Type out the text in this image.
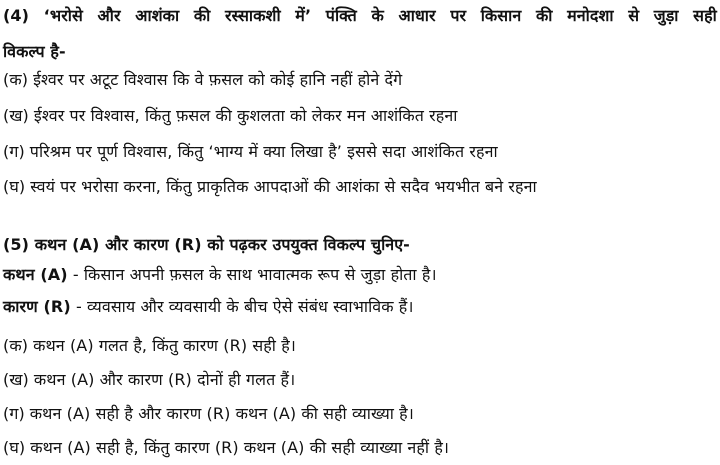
(4) ‘भरोसे और आशंका की रस्साकशी में’ पंक्ति के आधार पर किसान की मनोदशा से जुड़ा सही
विकल्प है-
(क) ईश्वर पर अटूट विश्वास कि वे फ़सल को कोई हानि नहीं होने देंगे
(ख) ईश्वर पर विश्वास, किंतु फ़सल की कुशलता को लेकर मन आशंकित रहना
(ग) परिश्रम पर पूर्ण विश्वास, किंतु ‘भाग्य में क्या लिखा है’ इससे सदा आशंकित रहना
(घ) स्वयं पर भरोसा करना, किंतु प्राकृतिक आपदाओं की आशंका से सदैव भयभीत बने रहना
(5) कथन (A) और कारण (R) को पढ़कर उपयुक्त विकल्प चुनिए-
कथन (A) - किसान अपनी फ़सल के साथ भावात्मक रूप से जुड़ा होता है।
कारण (R) - व्यवसाय और व्यवसायी के बीच ऐसे संबंध स्वाभाविक हैं।
(क) कथन (A) गलत है, किंतु कारण (R) सही है।
(ख) कथन (A) और कारण (R) दोनों ही गलत हैं।
(ग) कथन (A) सही है और कारण (R) कथन (A) की सही व्याख्या है।
(घ) कथन (A) सही है, किंतु कारण (R) कथन (A) की सही व्याख्या नहीं है।
